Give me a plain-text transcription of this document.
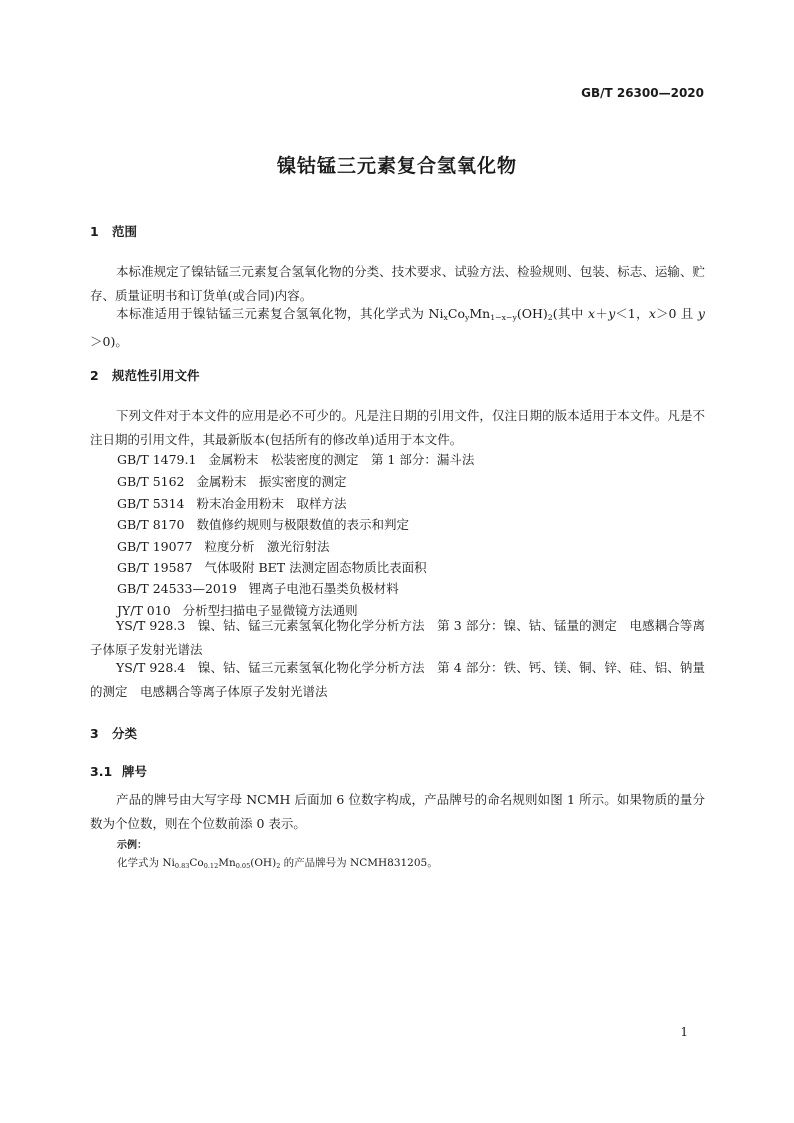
GB/T 26300—2020
镍钴锰三元素复合氢氧化物
1 范围
本标准规定了镍钴锰三元素复合氢氧化物的分类、技术要求、试验方法、检验规则、包装、标志、运输、贮存、质量证明书和订货单(或合同)内容。
本标准适用于镍钴锰三元素复合氢氧化物，其化学式为 $Ni_xCo_yMn_{1-x-y}(OH)_2$(其中 x＋y＜1，x＞0 且 y＞0)。
2 规范性引用文件
下列文件对于本文件的应用是必不可少的。凡是注日期的引用文件，仅注日期的版本适用于本文件。凡是不注日期的引用文件，其最新版本(包括所有的修改单)适用于本文件。
GB/T 1479.1 金属粉末　松装密度的测定　第 1 部分：漏斗法
GB/T 5162 金属粉末　振实密度的测定
GB/T 5314 粉末冶金用粉末　取样方法
GB/T 8170 数值修约规则与极限数值的表示和判定
GB/T 19077 粒度分析　激光衍射法
GB/T 19587 气体吸附 BET 法测定固态物质比表面积
GB/T 24533—2019 锂离子电池石墨类负极材料
JY/T 010 分析型扫描电子显微镜方法通则
YS/T 928.3　 镍、钴、锰三元素氢氧化物化学分析方法　第 3 部分：镍、钴、锰量的测定　电感耦合等离子体原子发射光谱法
YS/T 928.4　 镍、钴、锰三元素氢氧化物化学分析方法　第 4 部分：铁、钙、镁、铜、锌、硅、铝、钠量的测定　电感耦合等离子体原子发射光谱法
3 分类
3.1 牌号
产品的牌号由大写字母 NCMH 后面加 6 位数字构成，产品牌号的命名规则如图 1 所示。如果物质的量分数为个位数，则在个位数前添 0 表示。
示例：
化学式为 $Ni_{0.83}Co_{0.12}Mn_{0.05}(OH)_2$ 的产品牌号为 NCMH831205。
1
